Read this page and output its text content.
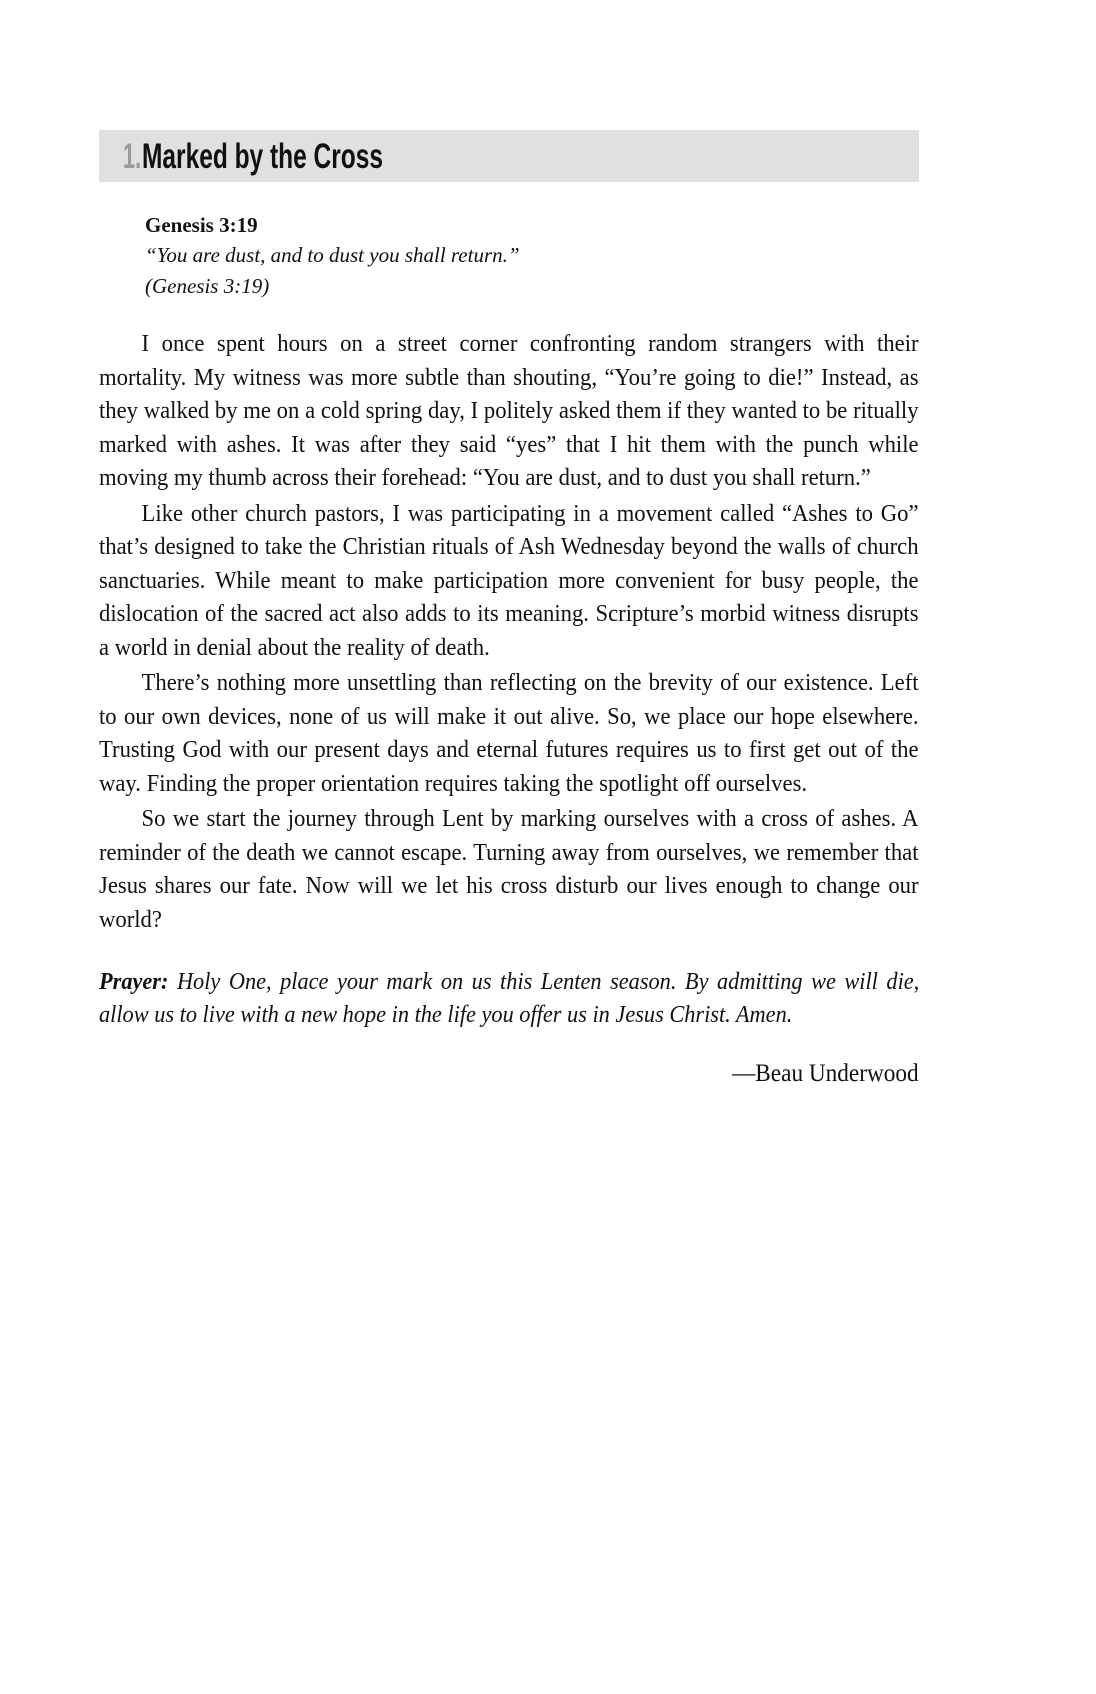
1. Marked by the Cross
Genesis 3:19
“You are dust, and to dust you shall return.”
(Genesis 3:19)

I once spent hours on a street corner confronting random strangers with their mortality. My witness was more subtle than shouting, “You’re going to die!” Instead, as they walked by me on a cold spring day, I politely asked them if they wanted to be ritually marked with ashes. It was after they said “yes” that I hit them with the punch while moving my thumb across their forehead: “You are dust, and to dust you shall return.”

Like other church pastors, I was participating in a movement called “Ashes to Go” that’s designed to take the Christian rituals of Ash Wednesday beyond the walls of church sanctuaries. While meant to make participation more convenient for busy people, the dislocation of the sacred act also adds to its meaning. Scripture’s morbid witness disrupts a world in denial about the reality of death.

There’s nothing more unsettling than reflecting on the brevity of our existence. Left to our own devices, none of us will make it out alive. So, we place our hope elsewhere. Trusting God with our present days and eternal futures requires us to first get out of the way. Finding the proper orientation requires taking the spotlight off ourselves.

So we start the journey through Lent by marking ourselves with a cross of ashes. A reminder of the death we cannot escape. Turning away from ourselves, we remember that Jesus shares our fate. Now will we let his cross disturb our lives enough to change our world?

Prayer: Holy One, place your mark on us this Lenten season. By admitting we will die, allow us to live with a new hope in the life you offer us in Jesus Christ. Amen.
—Beau Underwood
